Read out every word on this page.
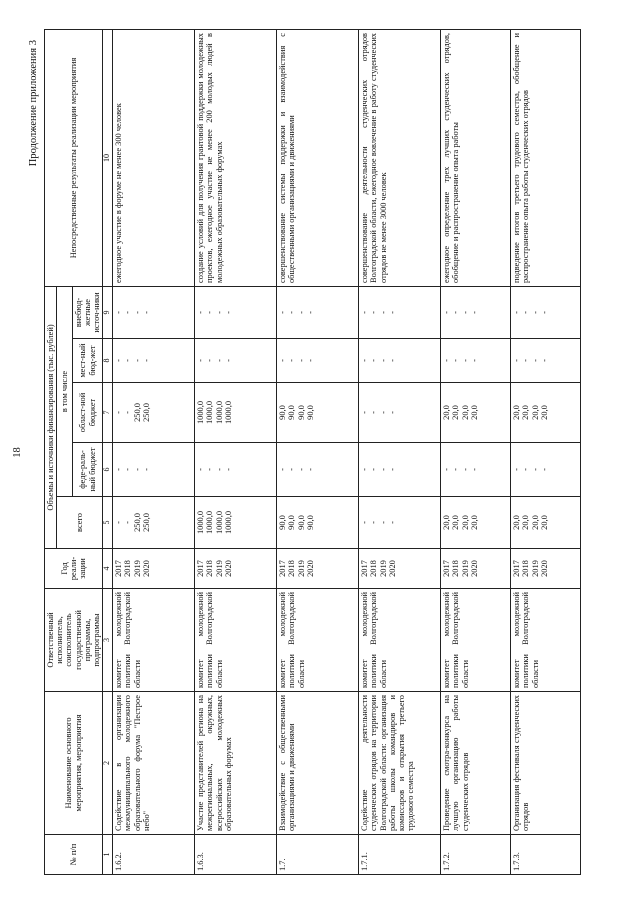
18
Продолжение приложения 3
№ п/п	Наименование основного мероприятия, мероприятия	Ответственный исполнитель, соисполнитель государственной программы, подпрограммы	Год реали-зации	Объемы и источники финансирования (тыс. рублей)					Непосредственные результаты реализации мероприятия
				всего	в том числе				
					феде-раль-ный бюджет	област-ной бюджет	мест-ный бюд-жет	внебюд-жетные источ-ники	
1	2	3	4	5	6	7	8	9	10
1.6.2.	Содействие в организации межмуниципального молодежного образовательного форума "Пестрое небо"	комитет молодежной политики Волгоградской области	2017
2018
2019
2020	-
-
250,0
250,0	-
-
-
-	-
-
250,0
250,0	-
-
-
-	-
-
-
-	ежегодное участие в форуме не менее 300 человек
1.6.3.	Участие представителей региона на межрегиональных, окружных, всероссийских молодежных образовательных форумах	комитет молодежной политики Волгоградской области	2017
2018
2019
2020	1000,0
1000,0
1000,0
1000,0	-
-
-
-	1000,0
1000,0
1000,0
1000,0	-
-
-
-	-
-
-
-	создание условий для получения грантовой поддержки молодежных проектов, ежегодное участие не менее 200 молодых людей в молодежных образовательных форумах
1.7.	Взаимодействие с общественными организациями и движениями	комитет молодежной политики Волгоградской области	2017
2018
2019
2020	90,0
90,0
90,0
90,0	-
-
-
-	90,0
90,0
90,0
90,0	-
-
-
-	-
-
-
-	совершенствование системы поддержки и взаимодействия с общественными организациями и движениями
1.7.1.	Содействие деятельности студенческих отрядов на территории Волгоградской области: организация работы школы командиров и комиссаров и открытия третьего трудового семестра	комитет молодежной политики Волгоградской области	2017
2018
2019
2020	-
-
-
-	-
-
-
-	-
-
-
-	-
-
-
-	-
-
-
-	совершенствование деятельности студенческих отрядов Волгоградской области, ежегодное вовлечение в работу студенческих отрядов не менее 3000 человек
1.7.2.	Проведение смотра-конкурса на лучшую организацию работы студенческих отрядов	комитет молодежной политики Волгоградской области	2017
2018
2019
2020	20,0
20,0
20,0
20,0	-
-
-
-	20,0
20,0
20,0
20,0	-
-
-
-	-
-
-
-	ежегодное определение трех лучших студенческих отрядов, обобщение и распространение опыта работы
1.7.3.	Организация фестиваля студенческих отрядов	комитет молодежной политики Волгоградской области	2017
2018
2019
2020	20,0
20,0
20,0
20,0	-
-
-
-	20,0
20,0
20,0
20,0	-
-
-
-	-
-
-
-	подведение итогов третьего трудового семестра, обобщение и распространение опыта работы студенческих отрядов
